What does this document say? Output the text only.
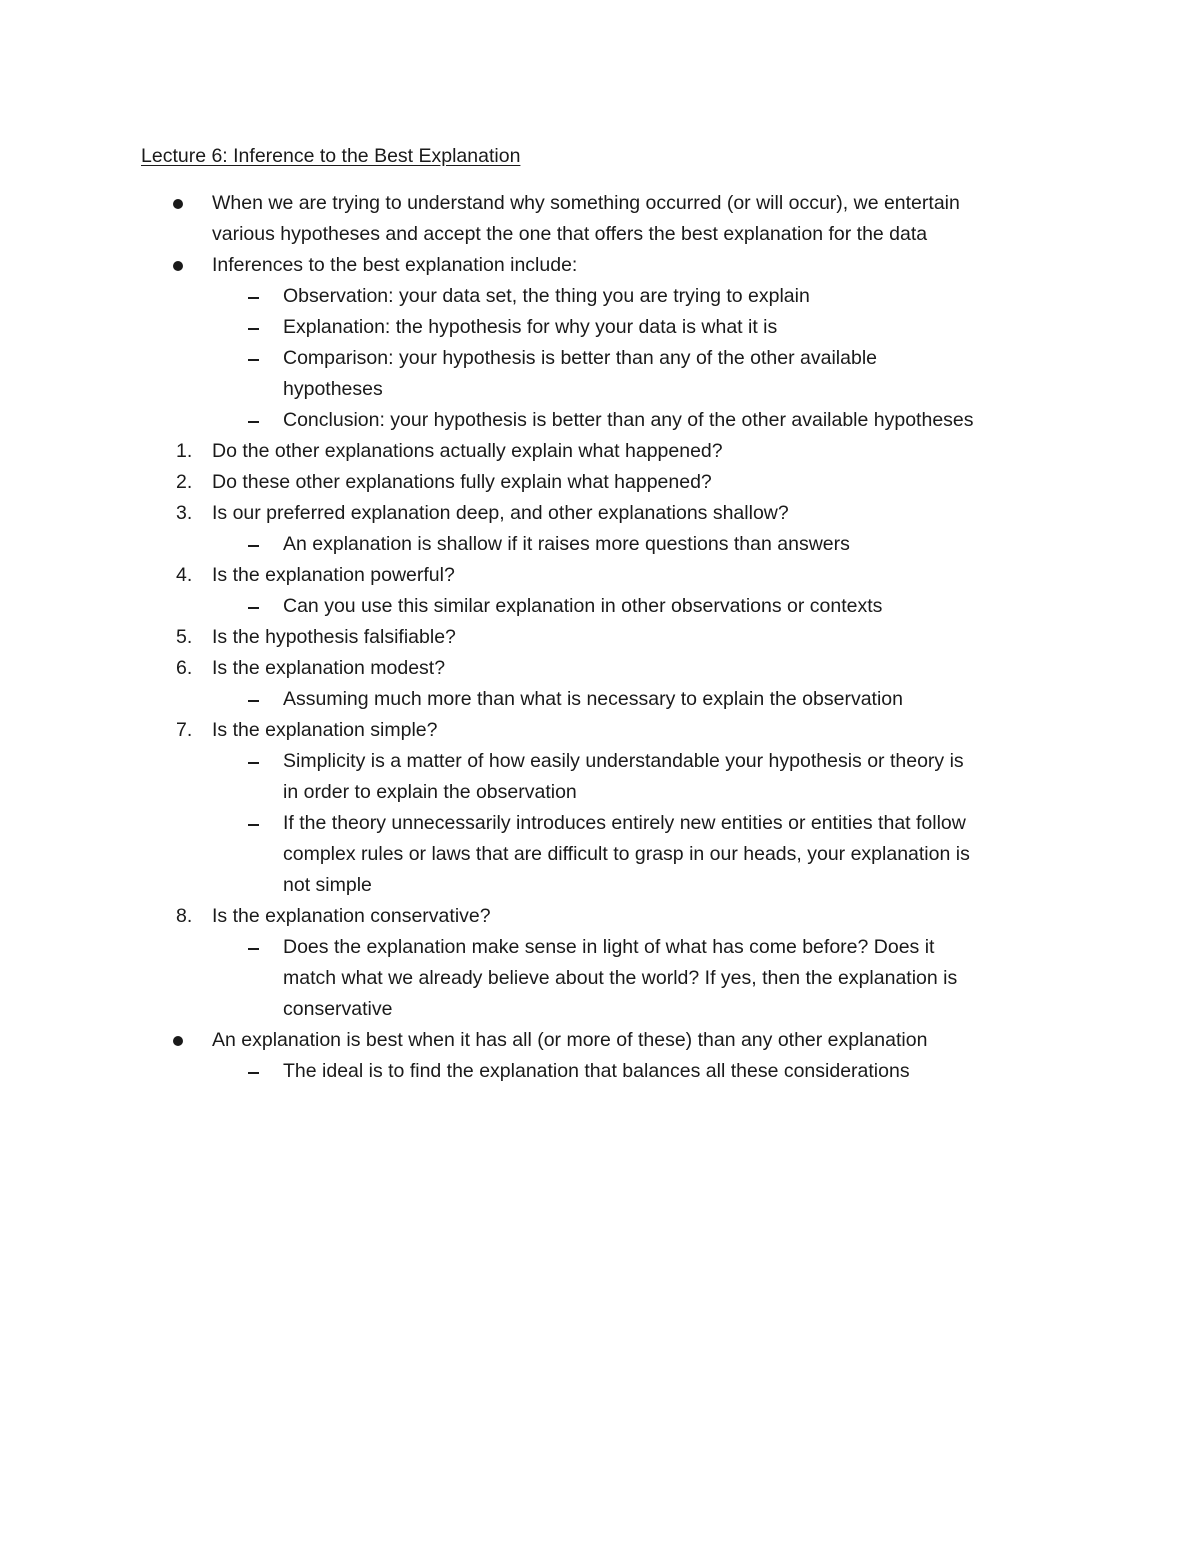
Lecture 6: Inference to the Best Explanation
When we are trying to understand why something occurred (or will occur), we entertain
various hypotheses and accept the one that offers the best explanation for the data
Inferences to the best explanation include:
Observation: your data set, the thing you are trying to explain
Explanation: the hypothesis for why your data is what it is
Comparison: your hypothesis is better than any of the other available
hypotheses
Conclusion: your hypothesis is better than any of the other available hypotheses
1. Do the other explanations actually explain what happened?
2. Do these other explanations fully explain what happened?
3. Is our preferred explanation deep, and other explanations shallow?
An explanation is shallow if it raises more questions than answers
4. Is the explanation powerful?
Can you use this similar explanation in other observations or contexts
5. Is the hypothesis falsifiable?
6. Is the explanation modest?
Assuming much more than what is necessary to explain the observation
7. Is the explanation simple?
Simplicity is a matter of how easily understandable your hypothesis or theory is
in order to explain the observation
If the theory unnecessarily introduces entirely new entities or entities that follow
complex rules or laws that are difficult to grasp in our heads, your explanation is
not simple
8. Is the explanation conservative?
Does the explanation make sense in light of what has come before? Does it
match what we already believe about the world? If yes, then the explanation is
conservative
An explanation is best when it has all (or more of these) than any other explanation
The ideal is to find the explanation that balances all these considerations
